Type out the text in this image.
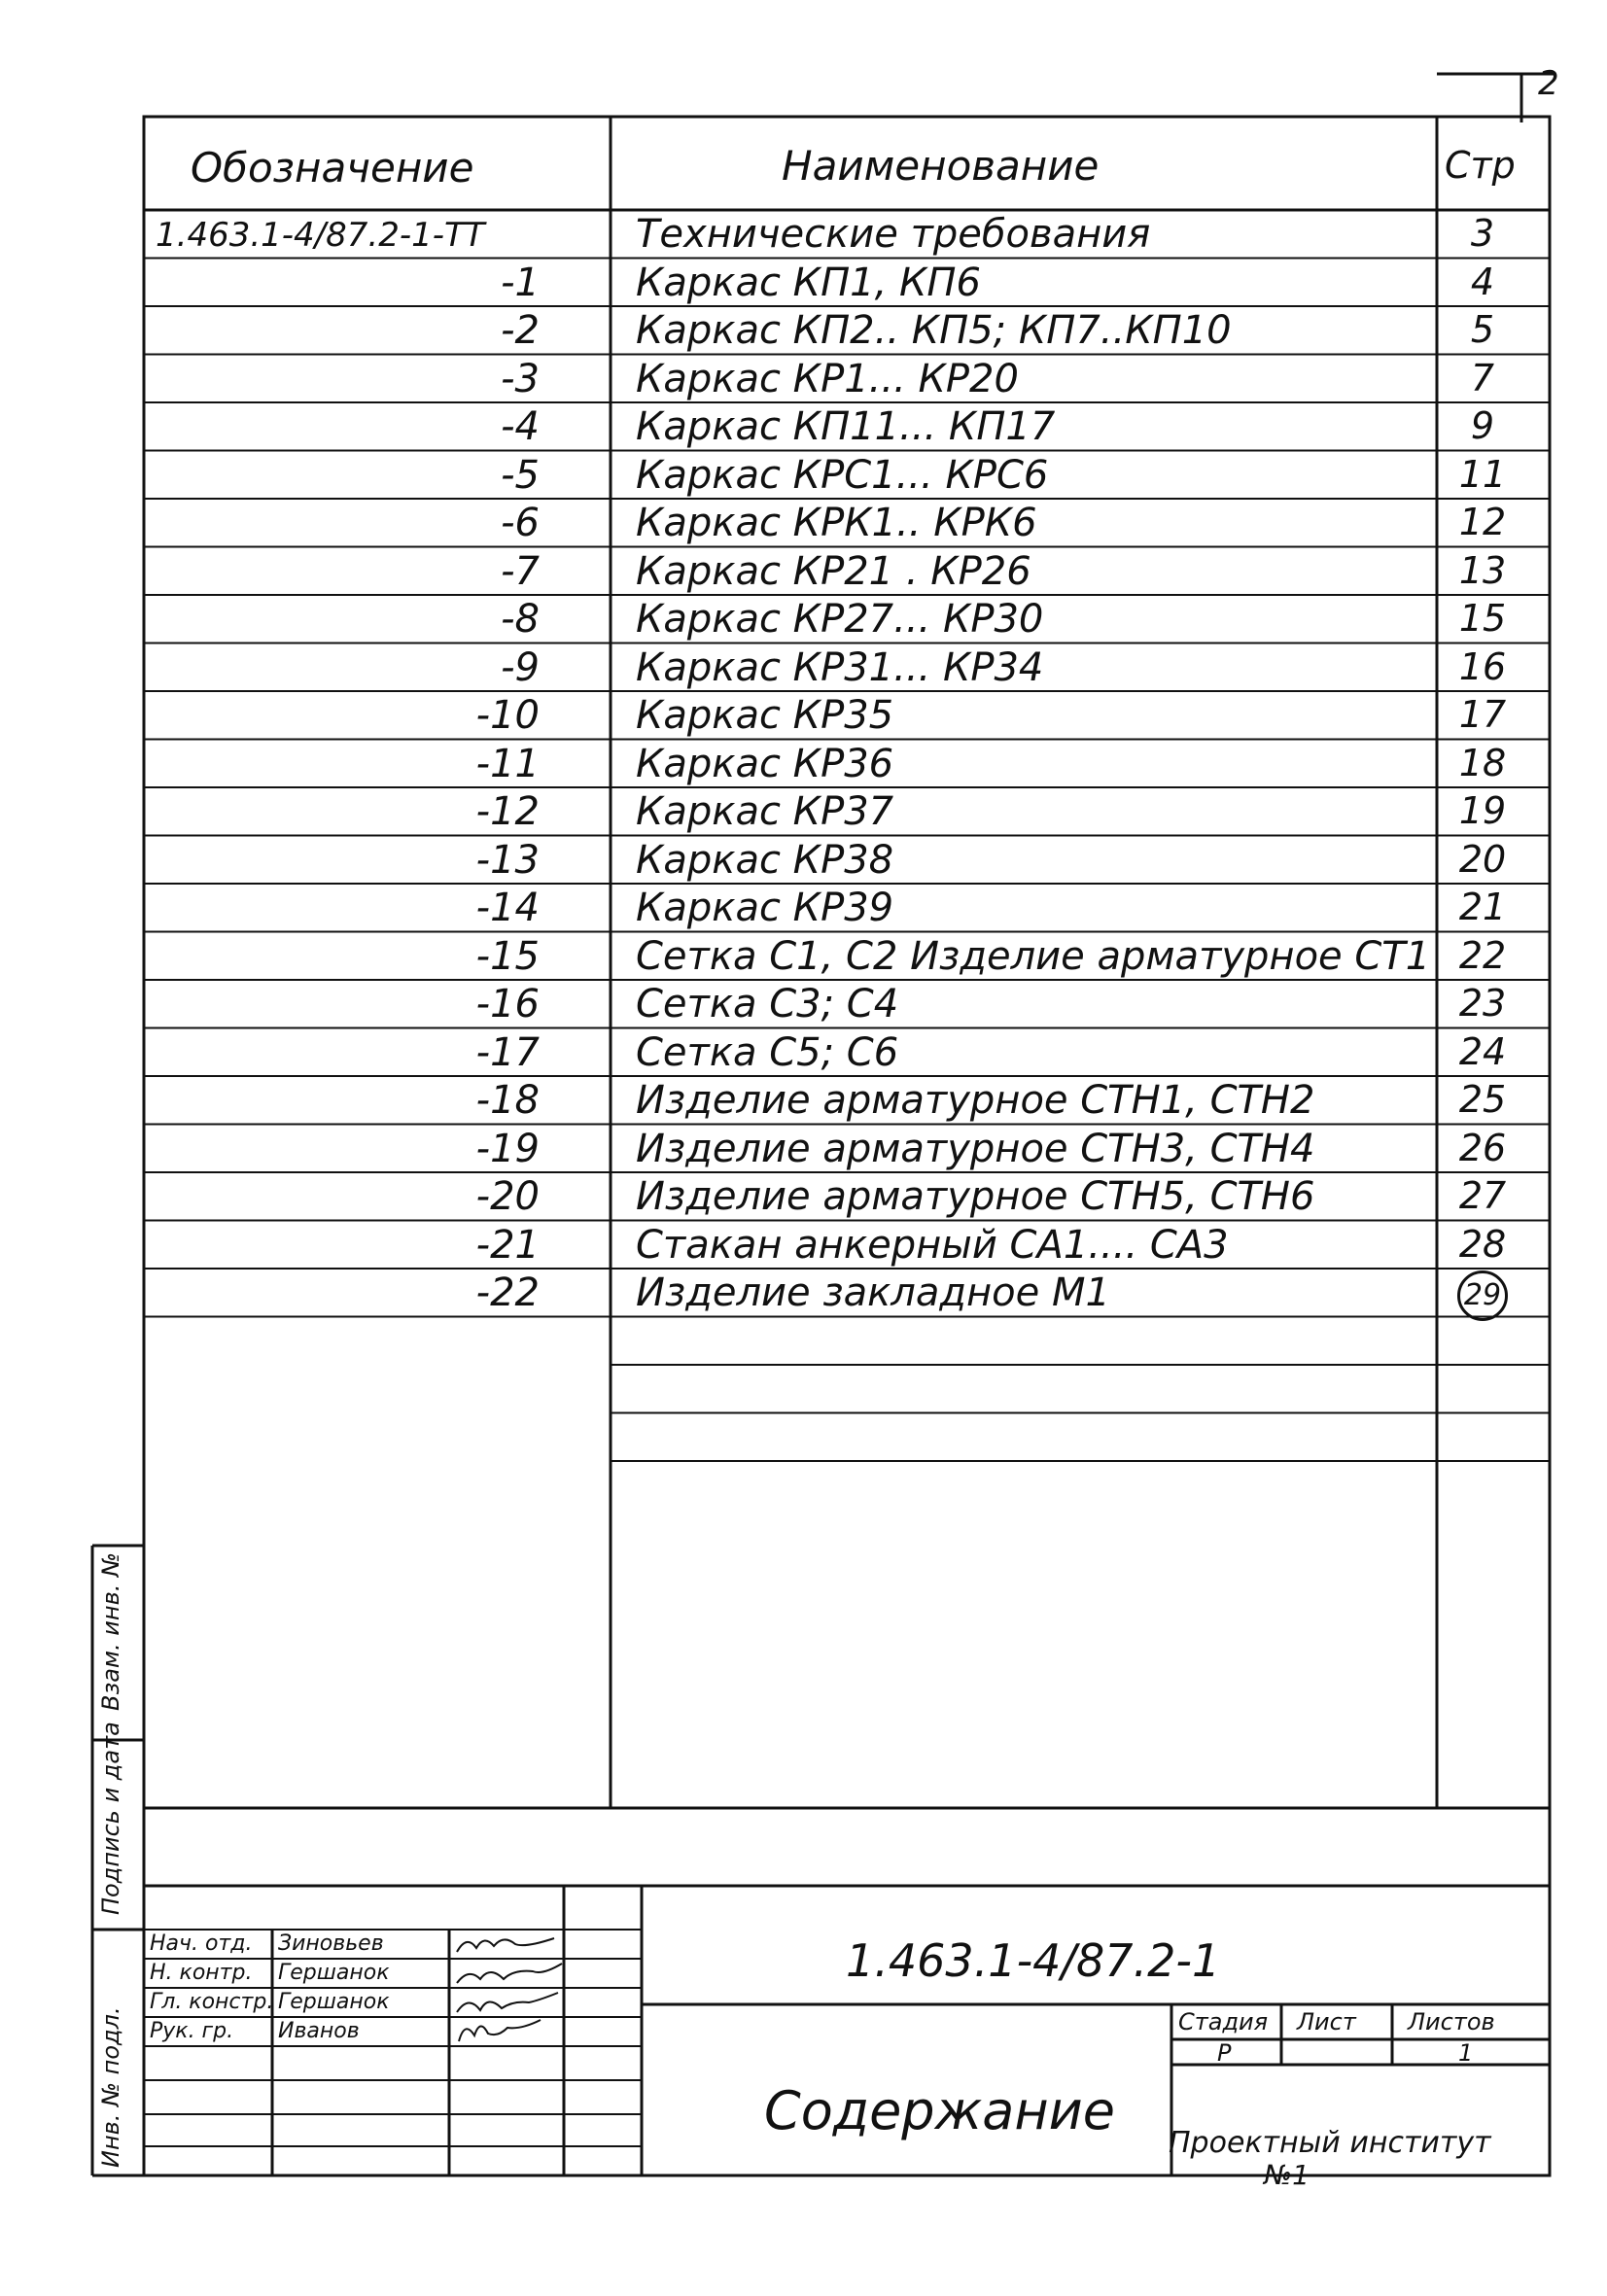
2
Обозначение	Наименование	Стр
1.463.1-4/87.2-1-ТТ	Технические требования	3
-1 Каркас КП1, КП6	4
-2 Каркас КП2.. КП5; КП7..КП10	5
-3 Каркас КР1... КР20	7
-4 Каркас КП11... КП17	9
-5 Каркас КРС1... КРС6	11
-6 Каркас КРК1.. КРК6	12
-7 Каркас КР21 . КР26	13
-8 Каркас КР27... КР30	15
-9 Каркас КР31... КР34	16
-10 Каркас КР35	17
-11 Каркас КР36	18
-12 Каркас КР37	19
-13 Каркас КР38	20
-14 Каркас КР39	21
-15 Сетка С1, С2 Изделие арматурное СТ1 22
-16 Сетка С3; С4	23
-17 Сетка С5; С6	24
-18 Изделие арматурное СТН1, СТН2	25
-19 Изделие арматурное СТН3, СТН4	26
-20 Изделие арматурное СТН5, СТН6	27
-21 Стакан анкерный СА1.... СА3	28
-22 Изделие закладное М1	29
Взам. инв. №
Подпись и дата
Инв. № подл.
Нач. отд. Зиновьев
Н. контр. Гершанок
Гл. констр. Гершанок
Рук. гр. Иванов
1.463.1-4/87.2-1
Содержание
Стадия Лист Листов
Р	1
Проектный институт
№1
